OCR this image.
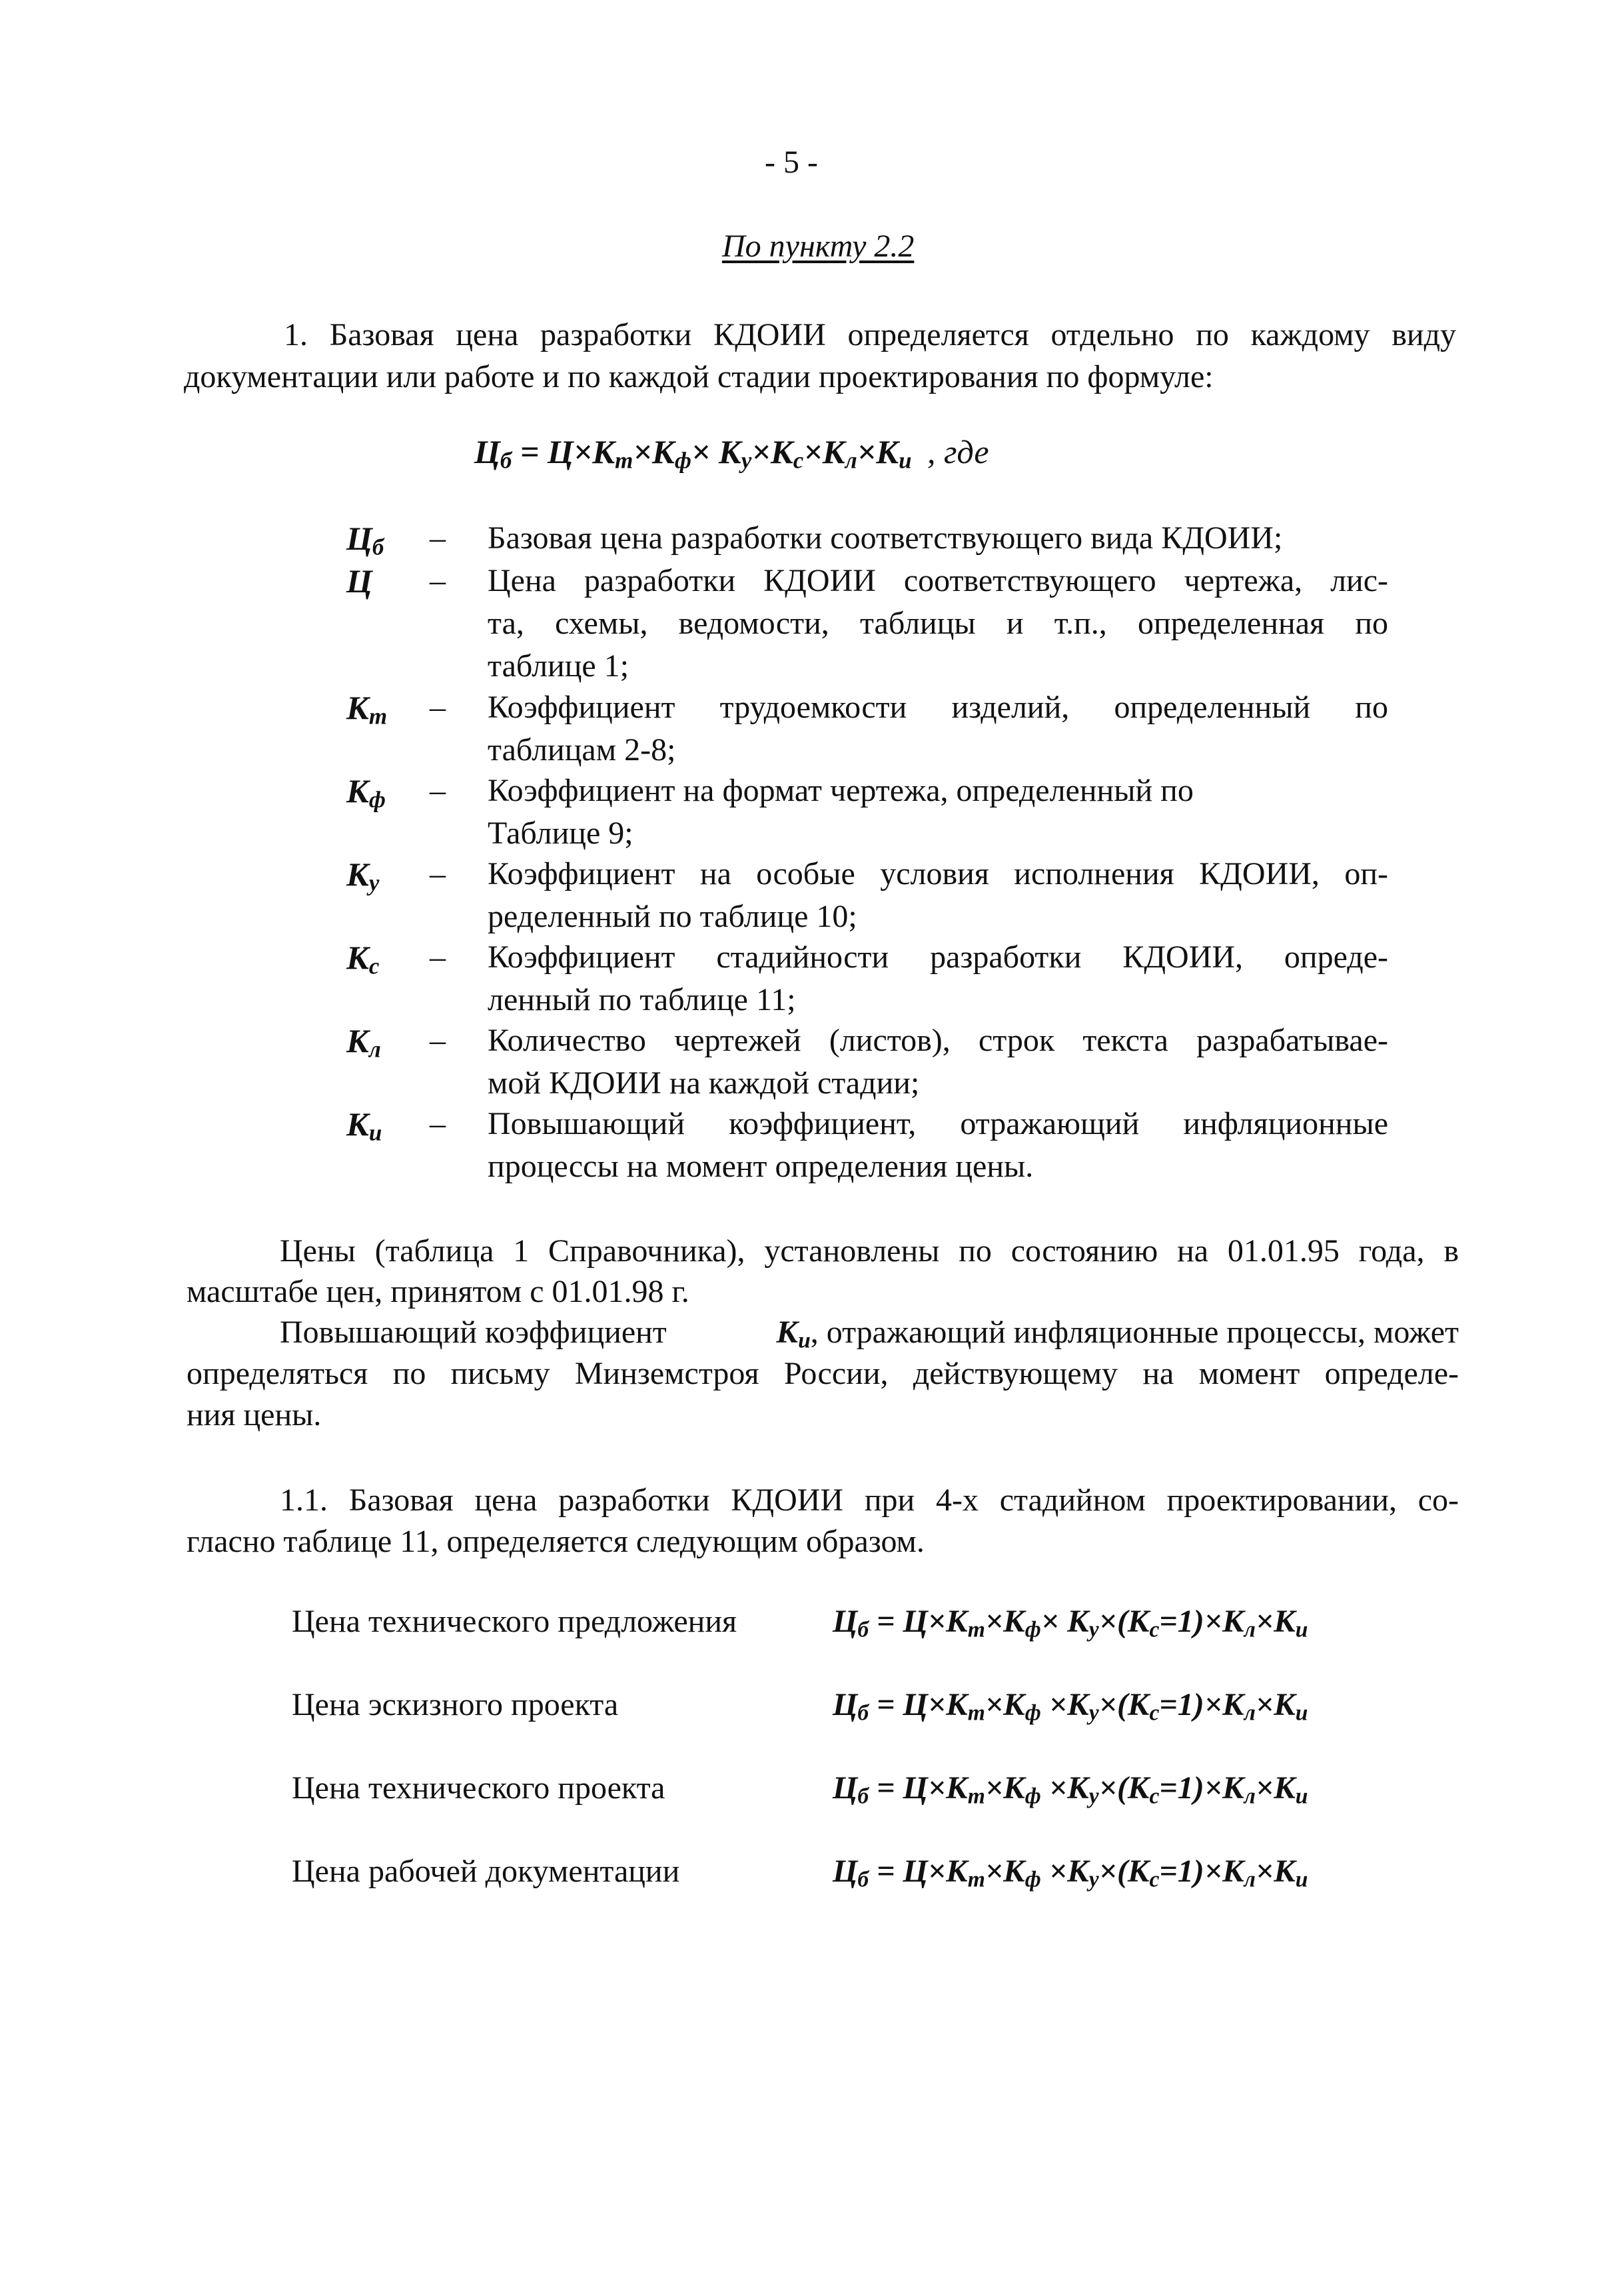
- 5 -
По пункту 2.2
1. Базовая цена разработки КДОИИ определяется отдельно по каждому виду
документации или работе и по каждой стадии проектирования по формуле:
$Ц_б = Ц\times К_т\times К_ф\times К_у\times К_с\times К_л\times К_и$ , где
$Ц_б$	–	Базовая цена разработки соответствующего вида КДОИИ;
Ц	–	Цена разработки КДОИИ соответствующего чертежа, лис-
та, схемы, ведомости, таблицы и т.п., определенная по
таблице 1;
$К_т$	–	Коэффициент трудоемкости изделий, определенный по
таблицам 2-8;
$К_ф$	–	Коэффициент на формат чертежа, определенный по
Таблице 9;
$К_у$	–	Коэффициент на особые условия исполнения КДОИИ, оп-
ределенный по таблице 10;
$К_с$	–	Коэффициент стадийности разработки КДОИИ, опреде-
ленный по таблице 11;
$К_л$	–	Количество чертежей (листов), строк текста разрабатывае-
мой КДОИИ на каждой стадии;
$К_и$	–	Повышающий коэффициент, отражающий инфляционные
процессы на момент определения цены.
Цены (таблица 1 Справочника), установлены по состоянию на 01.01.95 года, в
масштабе цен, принятом с 01.01.98 г.
Повышающий коэффициент	$К_и$, отражающий инфляционные процессы, может
определяться по письму Минземстроя России, действующему на момент определе-
ния цены.
1.1. Базовая цена разработки КДОИИ при 4-х стадийном проектировании, со-
гласно таблице 11, определяется следующим образом.
Цена технического предложения	$Ц_б = Ц\times К_т\times К_ф\times К_у\times(К_с=1)\times К_л\times К_и$
Цена эскизного проекта	$Ц_б = Ц\times К_т\times К_ф \times К_у\times(К_с=1)\times К_л\times К_и$
Цена технического проекта	$Ц_б = Ц\times К_т\times К_ф \times К_у\times(К_с=1)\times К_л\times К_и$
Цена рабочей документации	$Ц_б = Ц\times К_т\times К_ф \times К_у\times(К_с=1)\times К_л\times К_и$
